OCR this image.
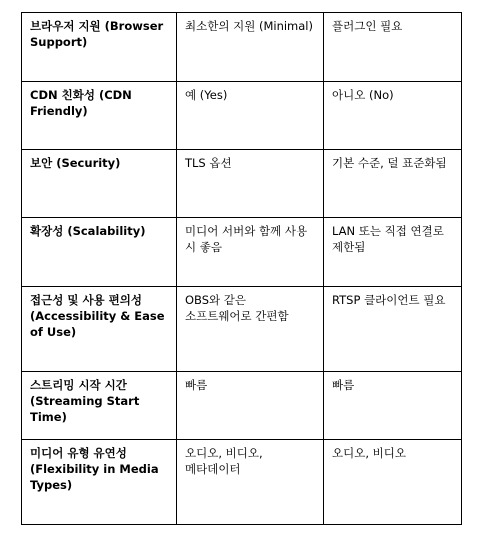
브라우저 지원 (Browser Support)	최소한의 지원 (Minimal)	플러그인 필요
CDN 친화성 (CDN Friendly)	예 (Yes)	아니오 (No)
보안 (Security)	TLS 옵션	기본 수준, 덜 표준화됨
확장성 (Scalability)	미디어 서버와 함께 사용 시 좋음	LAN 또는 직접 연결로 제한됨
접근성 및 사용 편의성 (Accessibility & Ease of Use)	OBS와 같은 소프트웨어로 간편함	RTSP 클라이언트 필요
스트리밍 시작 시간 (Streaming Start Time)	빠름	빠름
미디어 유형 유연성 (Flexibility in Media Types)	오디오, 비디오, 메타데이터	오디오, 비디오
